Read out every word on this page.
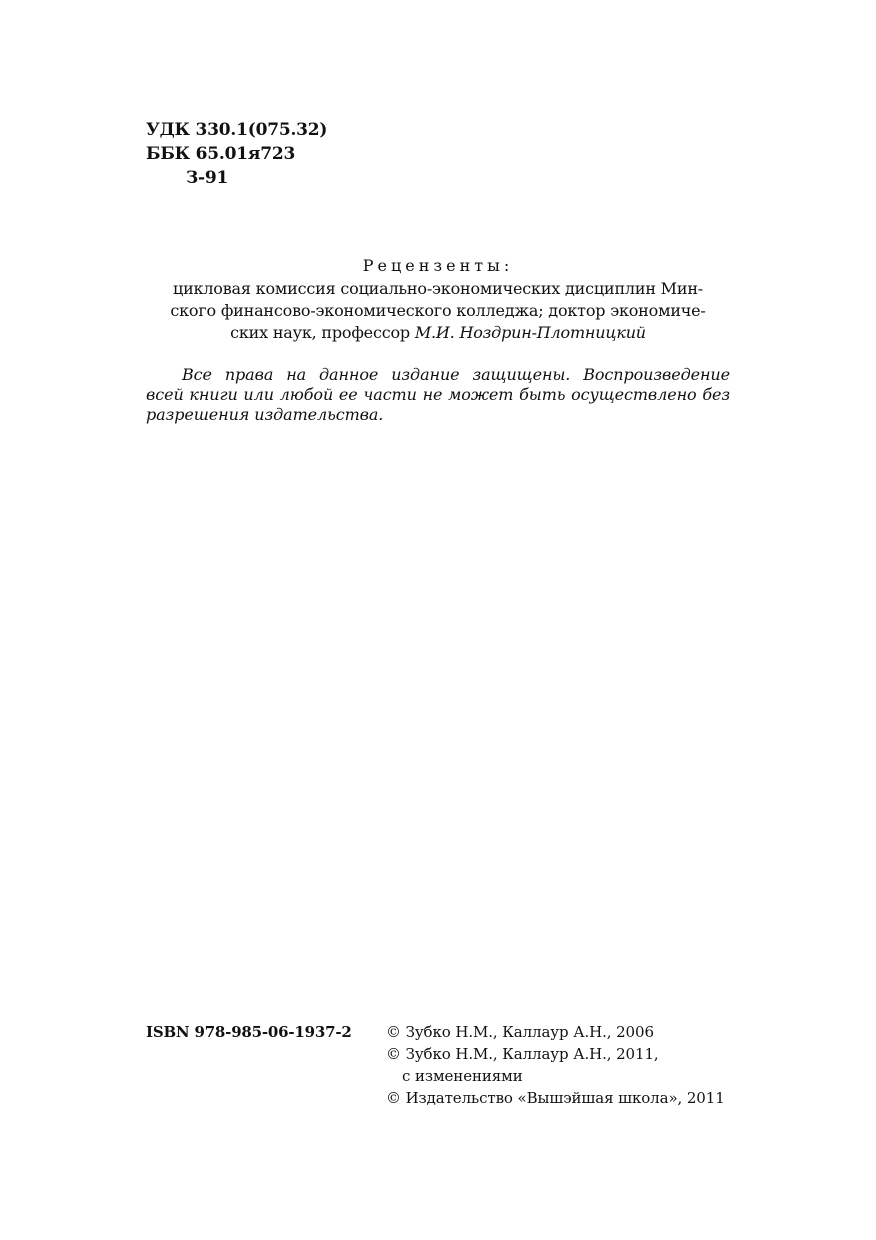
УДК 330.1(075.32)
ББК 65.01я723
З-91
Рецензенты:
цикловая комиссия социально-экономических дисциплин Мин-
ского финансово-экономического колледжа; доктор экономиче-
ских наук, профессор М.И. Ноздрин-Плотницкий
Все права на данное издание защищены. Воспроизведение
всей книги или любой ее части не может быть осуществлено без
разрешения издательства.
ISBN 978-985-06-1937-2 © Зубко Н.М., Каллаур А.Н., 2006
© Зубко Н.М., Каллаур А.Н., 2011,
с изменениями
© Издательство «Вышэйшая школа», 2011
